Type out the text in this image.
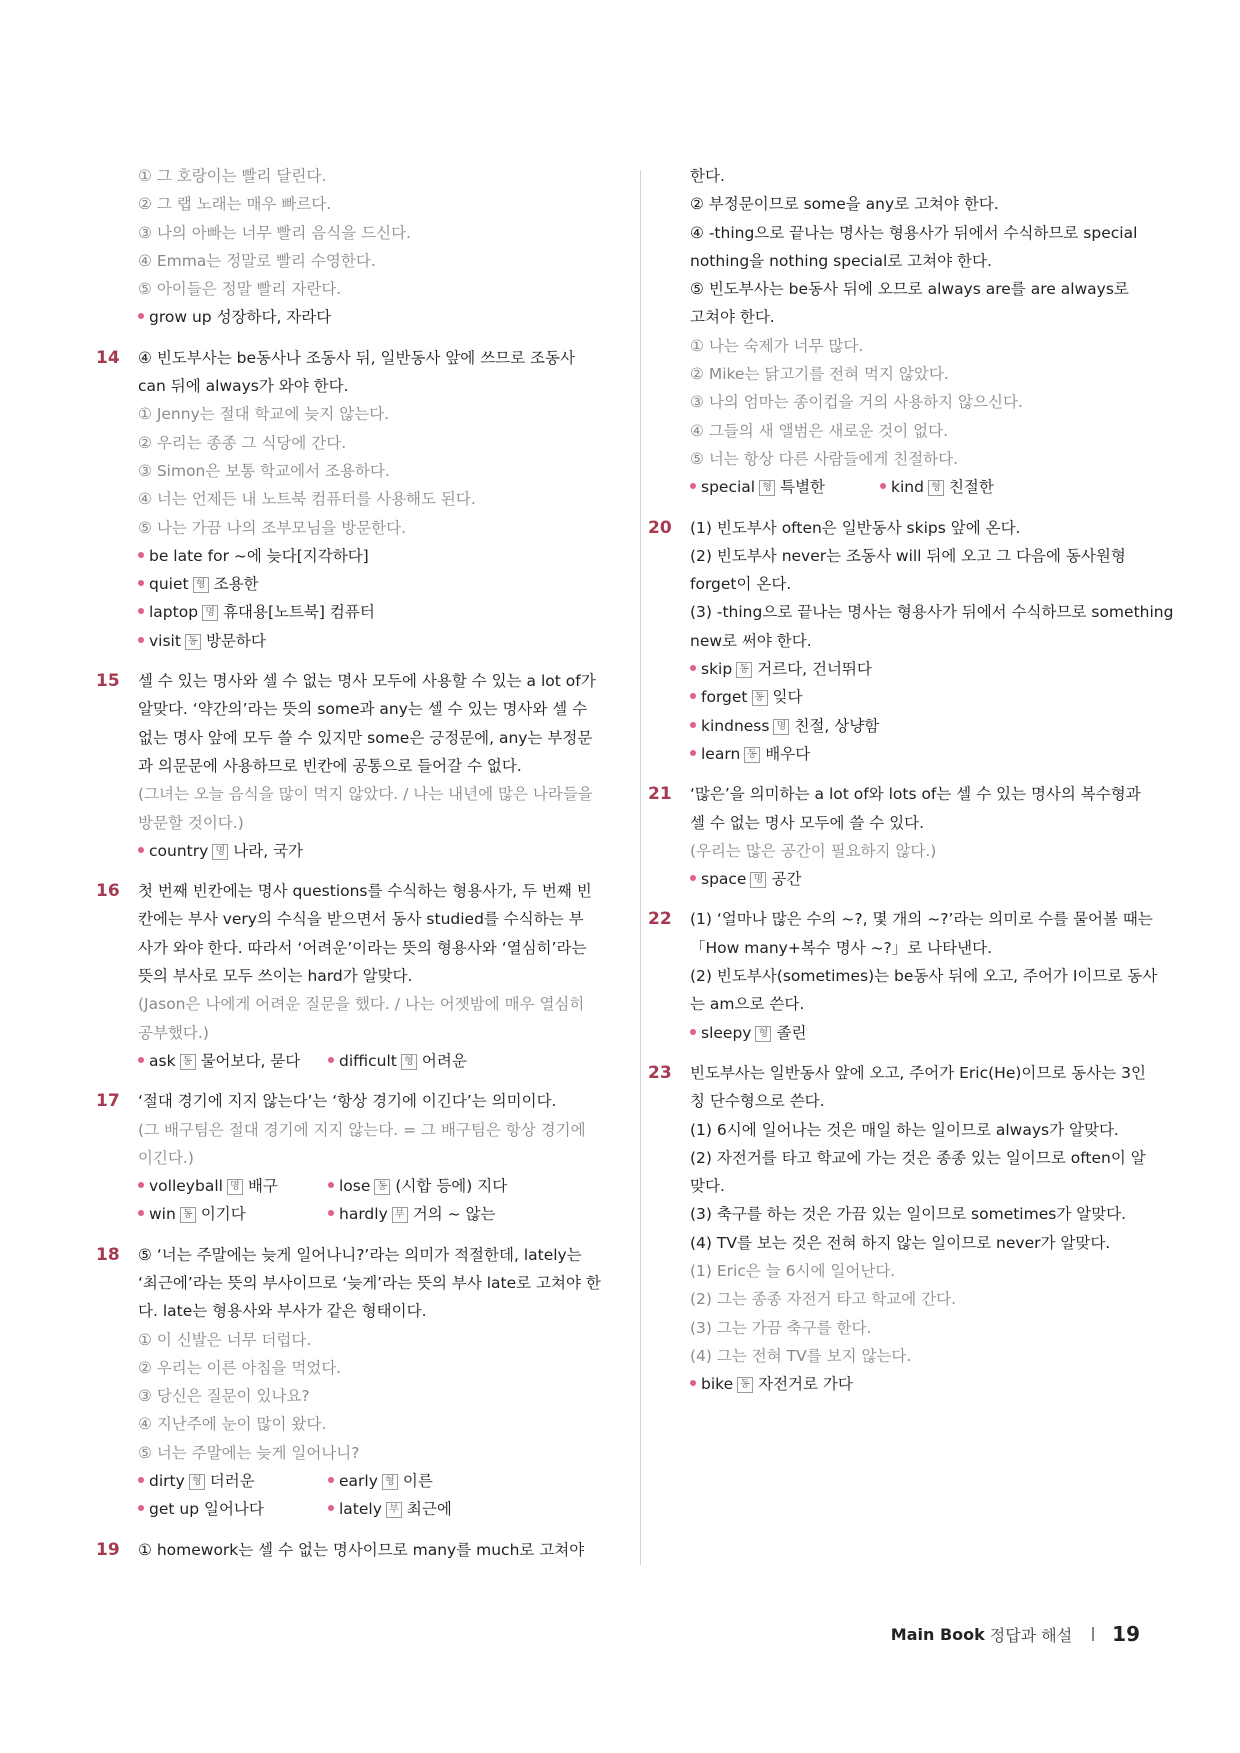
① 그 호랑이는 빨리 달린다.
② 그 랩 노래는 매우 빠르다.
③ 나의 아빠는 너무 빨리 음식을 드신다.
④ Emma는 정말로 빨리 수영한다.
⑤ 아이들은 정말 빨리 자란다.
grow up 성장하다, 자라다
14 ④ 빈도부사는 be동사나 조동사 뒤, 일반동사 앞에 쓰므로 조동사
can 뒤에 always가 와야 한다.
① Jenny는 절대 학교에 늦지 않는다.
② 우리는 종종 그 식당에 간다.
③ Simon은 보통 학교에서 조용하다.
④ 너는 언제든 내 노트북 컴퓨터를 사용해도 된다.
⑤ 나는 가끔 나의 조부모님을 방문한다.
be late for ~에 늦다[지각하다]
quiet 형 조용한
laptop 명 휴대용[노트북] 컴퓨터
visit 동 방문하다
15 셀 수 있는 명사와 셀 수 없는 명사 모두에 사용할 수 있는 a lot of가
알맞다. ‘약간의’라는 뜻의 some과 any는 셀 수 있는 명사와 셀 수
없는 명사 앞에 모두 쓸 수 있지만 some은 긍정문에, any는 부정문
과 의문문에 사용하므로 빈칸에 공통으로 들어갈 수 없다.
(그녀는 오늘 음식을 많이 먹지 않았다. / 나는 내년에 많은 나라들을
방문할 것이다.)
country 명 나라, 국가
16 첫 번째 빈칸에는 명사 questions를 수식하는 형용사가, 두 번째 빈
칸에는 부사 very의 수식을 받으면서 동사 studied를 수식하는 부
사가 와야 한다. 따라서 ‘어려운’이라는 뜻의 형용사와 ‘열심히’라는
뜻의 부사로 모두 쓰이는 hard가 알맞다.
(Jason은 나에게 어려운 질문을 했다. / 나는 어젯밤에 매우 열심히
공부했다.)
ask 동 물어보다, 묻다	difficult 형 어려운
17 ‘절대 경기에 지지 않는다’는 ‘항상 경기에 이긴다’는 의미이다.
(그 배구팀은 절대 경기에 지지 않는다. = 그 배구팀은 항상 경기에
이긴다.)
volleyball 명 배구	lose 동 (시합 등에) 지다
win 동 이기다	hardly 부 거의 ~ 않는
18 ⑤ ‘너는 주말에는 늦게 일어나니?’라는 의미가 적절한데, lately는
‘최근에’라는 뜻의 부사이므로 ‘늦게’라는 뜻의 부사 late로 고쳐야 한
다. late는 형용사와 부사가 같은 형태이다.
① 이 신발은 너무 더럽다.
② 우리는 이른 아침을 먹었다.
③ 당신은 질문이 있나요?
④ 지난주에 눈이 많이 왔다.
⑤ 너는 주말에는 늦게 일어나니?
dirty 형 더러운	early 형 이른
get up 일어나다	lately 부 최근에
19 ① homework는 셀 수 없는 명사이므로 many를 much로 고쳐야
한다.
② 부정문이므로 some을 any로 고쳐야 한다.
④ -thing으로 끝나는 명사는 형용사가 뒤에서 수식하므로 special
nothing을 nothing special로 고쳐야 한다.
⑤ 빈도부사는 be동사 뒤에 오므로 always are를 are always로
고쳐야 한다.
① 나는 숙제가 너무 많다.
② Mike는 닭고기를 전혀 먹지 않았다.
③ 나의 엄마는 종이컵을 거의 사용하지 않으신다.
④ 그들의 새 앨범은 새로운 것이 없다.
⑤ 너는 항상 다른 사람들에게 친절하다.
special 형 특별한	kind 형 친절한
20 (1) 빈도부사 often은 일반동사 skips 앞에 온다.
(2) 빈도부사 never는 조동사 will 뒤에 오고 그 다음에 동사원형
forget이 온다.
(3) -thing으로 끝나는 명사는 형용사가 뒤에서 수식하므로 something
new로 써야 한다.
skip 동 거르다, 건너뛰다
forget 동 잊다
kindness 명 친절, 상냥함
learn 동 배우다
21 ‘많은’을 의미하는 a lot of와 lots of는 셀 수 있는 명사의 복수형과
셀 수 없는 명사 모두에 쓸 수 있다.
(우리는 많은 공간이 필요하지 않다.)
space 명 공간
22 (1) ‘얼마나 많은 수의 ~?, 몇 개의 ~?’라는 의미로 수를 물어볼 때는
「How many+복수 명사 ~?」로 나타낸다.
(2) 빈도부사(sometimes)는 be동사 뒤에 오고, 주어가 I이므로 동사
는 am으로 쓴다.
sleepy 형 졸린
23 빈도부사는 일반동사 앞에 오고, 주어가 Eric(He)이므로 동사는 3인
칭 단수형으로 쓴다.
(1) 6시에 일어나는 것은 매일 하는 일이므로 always가 알맞다.
(2) 자전거를 타고 학교에 가는 것은 종종 있는 일이므로 often이 알
맞다.
(3) 축구를 하는 것은 가끔 있는 일이므로 sometimes가 알맞다.
(4) TV를 보는 것은 전혀 하지 않는 일이므로 never가 알맞다.
(1) Eric은 늘 6시에 일어난다.
(2) 그는 종종 자전거 타고 학교에 간다.
(3) 그는 가끔 축구를 한다.
(4) 그는 전혀 TV를 보지 않는다.
bike 동 자전거로 가다
Main Book 정답과 해설 19
